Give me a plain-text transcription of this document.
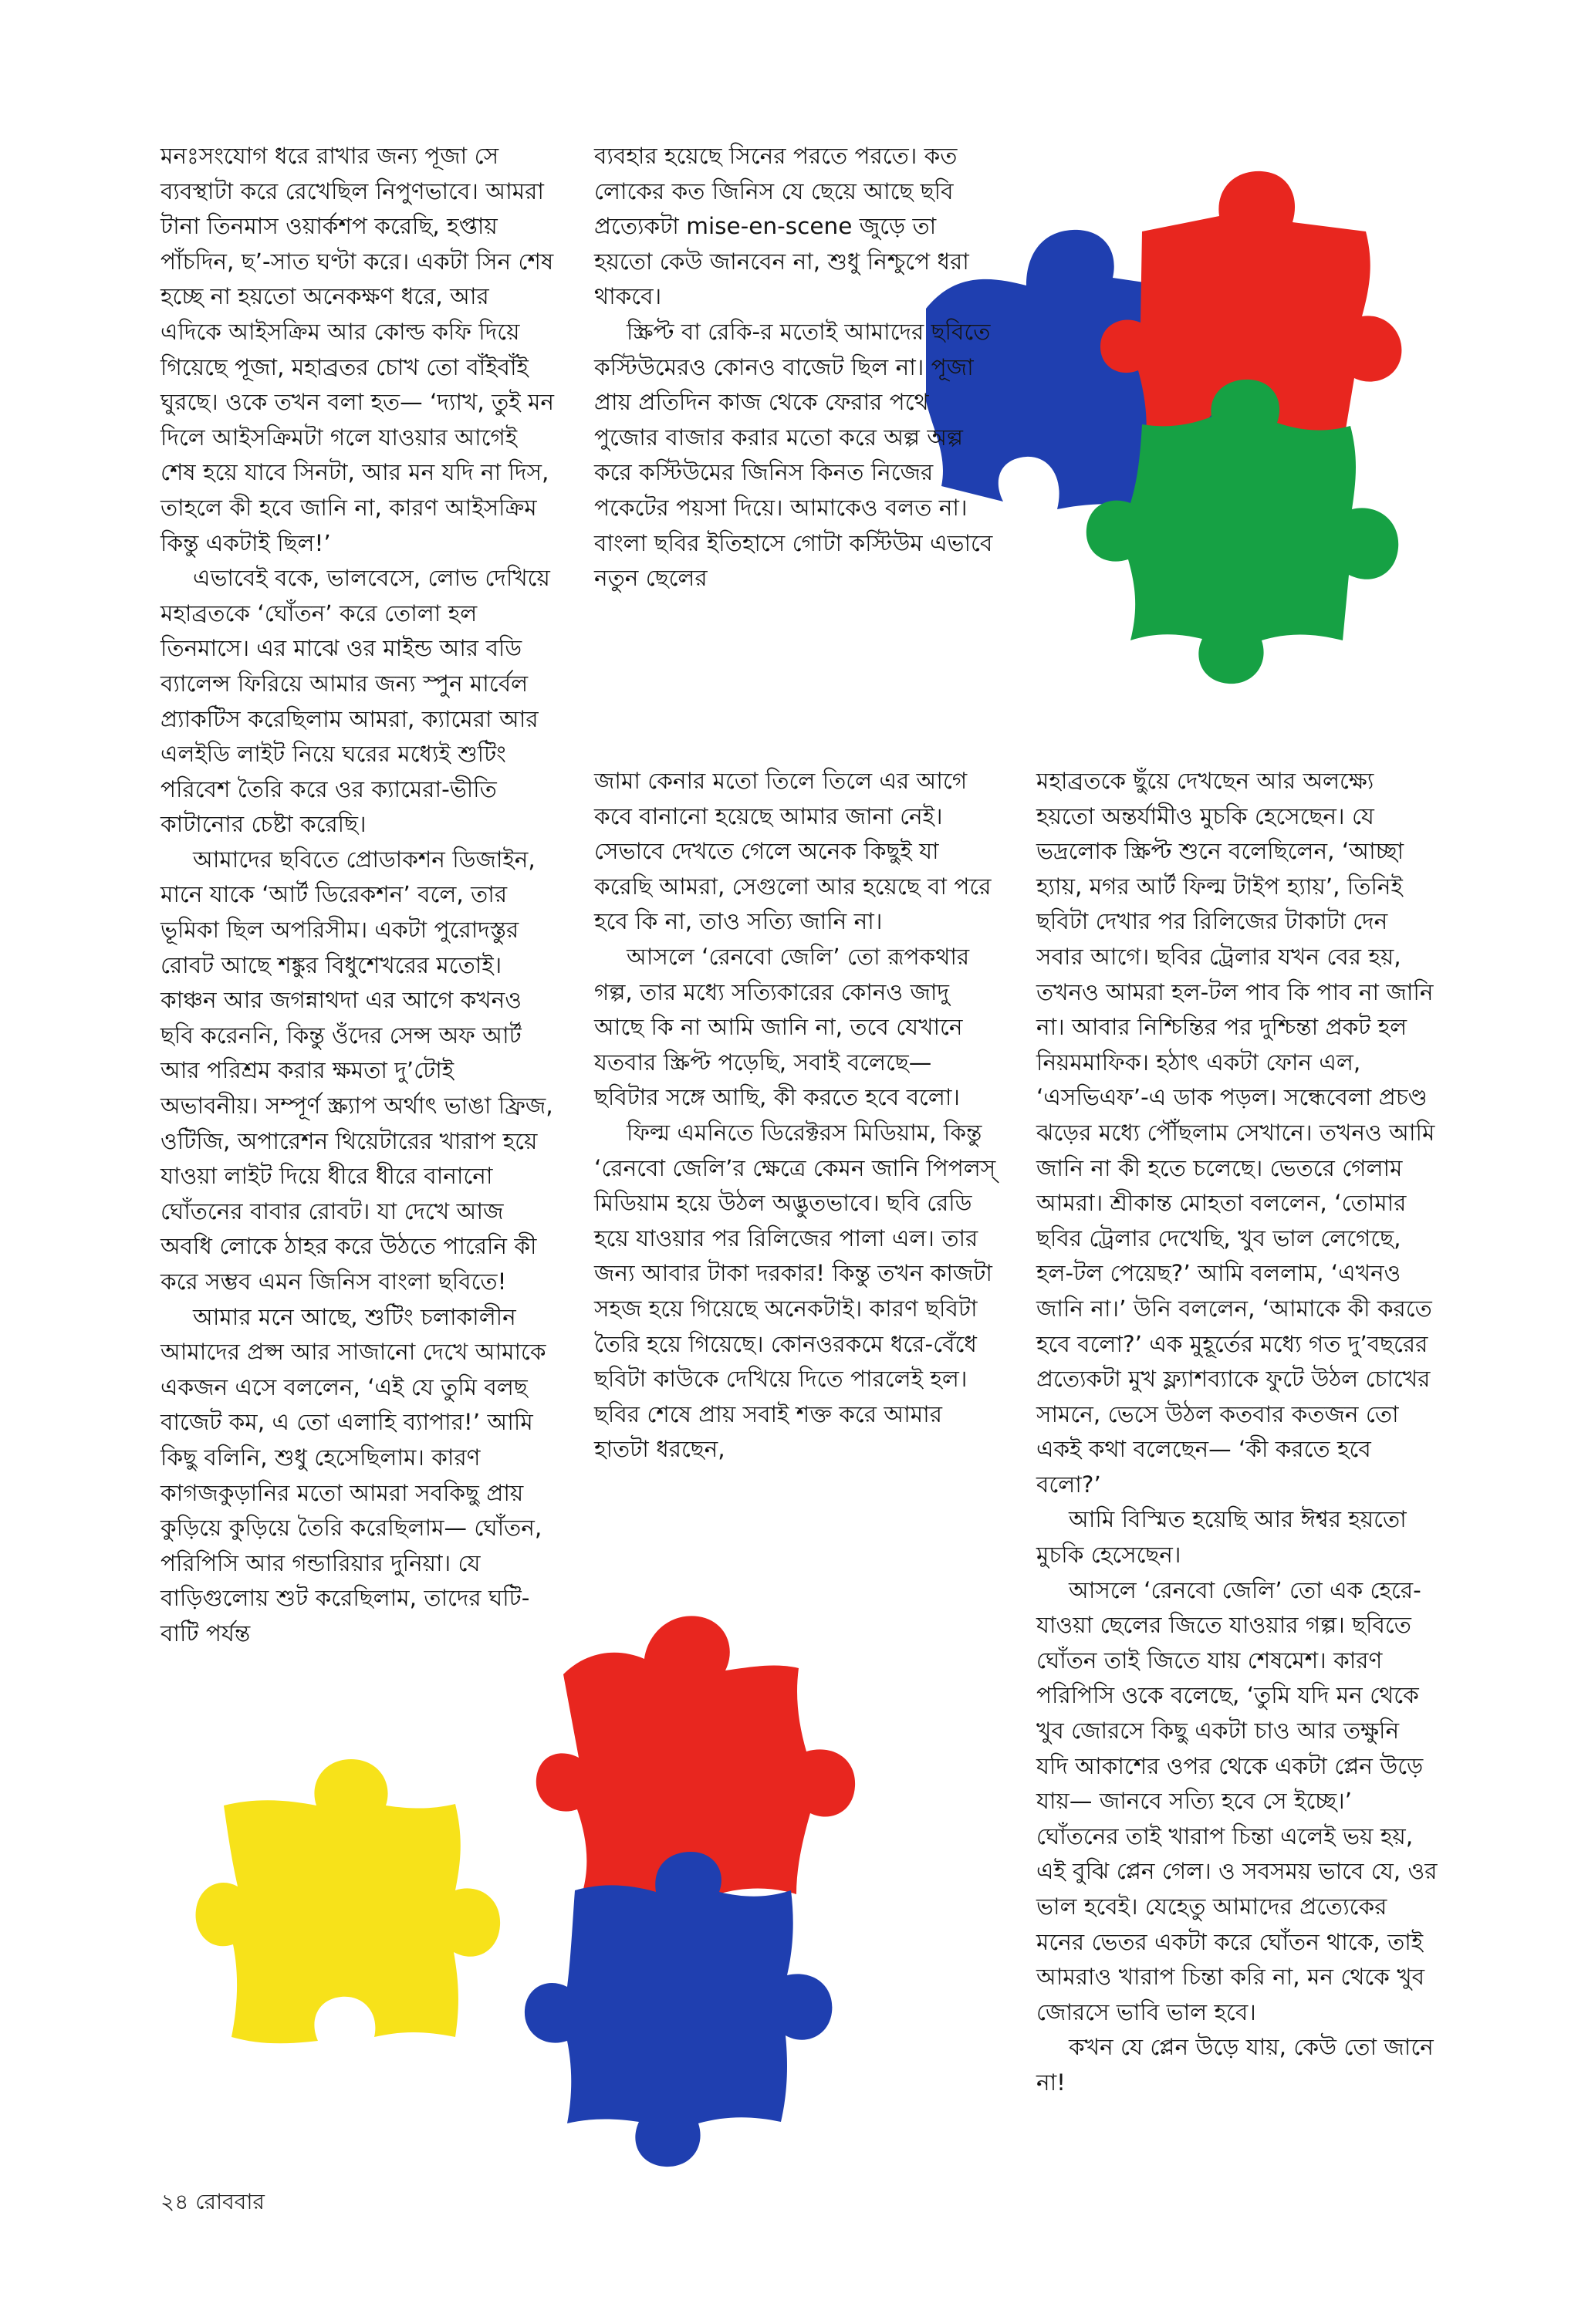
মনঃসংযোগ ধরে রাখার জন্য পূজা সে ব্যবস্থাটা করে রেখেছিল নিপুণভাবে। আমরা টানা তিনমাস ওয়ার্কশপ করেছি, হপ্তায় পাঁচদিন, ছ’-সাত ঘণ্টা করে। একটা সিন শেষ হচ্ছে না হয়তো অনেকক্ষণ ধরে, আর এদিকে আইসক্রিম আর কোল্ড কফি দিয়ে গিয়েছে পূজা, মহাব্রতর চোখ তো বাঁইবাঁই ঘুরছে। ওকে তখন বলা হত— ‘দ্যাখ, তুই মন দিলে আইসক্রিমটা গলে যাওয়ার আগেই শেষ হয়ে যাবে সিনটা, আর মন যদি না দিস, তাহলে কী হবে জানি না, কারণ আইসক্রিম কিন্তু একটাই ছিল!’

এভাবেই বকে, ভালবেসে, লোভ দেখিয়ে মহাব্রতকে ‘ঘোঁতন’ করে তোলা হল তিনমাসে। এর মাঝে ওর মাইন্ড আর বডি ব্যালেন্স ফিরিয়ে আমার জন্য স্পুন মার্বেল প্র্যাকটিস করেছিলাম আমরা, ক্যামেরা আর এলইডি লাইট নিয়ে ঘরের মধ্যেই শুটিং পরিবেশ তৈরি করে ওর ক্যামেরা-ভীতি কাটানোর চেষ্টা করেছি।

আমাদের ছবিতে প্রোডাকশন ডিজাইন, মানে যাকে ‘আর্ট ডিরেকশন’ বলে, তার ভূমিকা ছিল অপরিসীম। একটা পুরোদস্তুর রোবট আছে শঙ্কুর বিধুশেখরের মতোই। কাঞ্চন আর জগন্নাথদা এর আগে কখনও ছবি করেননি, কিন্তু ওঁদের সেন্স অফ আর্ট আর পরিশ্রম করার ক্ষমতা দু’টোই অভাবনীয়। সম্পূর্ণ স্ক্র্যাপ অর্থাৎ ভাঙা ফ্রিজ, ওটিজি, অপারেশন থিয়েটারের খারাপ হয়ে যাওয়া লাইট দিয়ে ধীরে ধীরে বানানো ঘোঁতনের বাবার রোবট। যা দেখে আজ অবধি লোকে ঠাহর করে উঠতে পারেনি কী করে সম্ভব এমন জিনিস বাংলা ছবিতে!

আমার মনে আছে, শুটিং চলাকালীন আমাদের প্রপ্স আর সাজানো দেখে আমাকে একজন এসে বললেন, ‘এই যে তুমি বলছ বাজেট কম, এ তো এলাহি ব্যাপার!’ আমি কিছু বলিনি, শুধু হেসেছিলাম। কারণ কাগজকুড়ানির মতো আমরা সবকিছু প্রায় কুড়িয়ে কুড়িয়ে তৈরি করেছিলাম— ঘোঁতন, পরিপিসি আর গন্ডারিয়ার দুনিয়া। যে বাড়িগুলোয় শুট করেছিলাম, তাদের ঘটি-বাটি পর্যন্ত

ব্যবহার হয়েছে সিনের পরতে পরতে। কত লোকের কত জিনিস যে ছেয়ে আছে ছবি প্রত্যেকটা mise-en-scene জুড়ে তা হয়তো কেউ জানবেন না, শুধু নিশ্চুপে ধরা থাকবে।

স্ক্রিপ্ট বা রেকি-র মতোই আমাদের ছবিতে কস্টিউমেরও কোনও বাজেট ছিল না। পূজা প্রায় প্রতিদিন কাজ থেকে ফেরার পথে পুজোর বাজার করার মতো করে অল্প অল্প করে কস্টিউমের জিনিস কিনত নিজের পকেটের পয়সা দিয়ে। আমাকেও বলত না। বাংলা ছবির ইতিহাসে গোটা কস্টিউম এভাবে নতুন ছেলের

জামা কেনার মতো তিলে তিলে এর আগে কবে বানানো হয়েছে আমার জানা নেই। সেভাবে দেখতে গেলে অনেক কিছুই যা করেছি আমরা, সেগুলো আর হয়েছে বা পরে হবে কি না, তাও সত্যি জানি না।

আসলে ‘রেনবো জেলি’ তো রূপকথার গল্প, তার মধ্যে সত্যিকারের কোনও জাদু আছে কি না আমি জানি না, তবে যেখানে যতবার স্ক্রিপ্ট পড়েছি, সবাই বলেছে— ছবিটার সঙ্গে আছি, কী করতে হবে বলো।

ফিল্ম এমনিতে ডিরেক্টরস মিডিয়াম, কিন্তু ‘রেনবো জেলি’র ক্ষেত্রে কেমন জানি পিপলস্ মিডিয়াম হয়ে উঠল অদ্ভুতভাবে। ছবি রেডি হয়ে যাওয়ার পর রিলিজের পালা এল। তার জন্য আবার টাকা দরকার! কিন্তু তখন কাজটা সহজ হয়ে গিয়েছে অনেকটাই। কারণ ছবিটা তৈরি হয়ে গিয়েছে। কোনওরকমে ধরে-বেঁধে ছবিটা কাউকে দেখিয়ে দিতে পারলেই হল। ছবির শেষে প্রায় সবাই শক্ত করে আমার হাতটা ধরছেন,

মহাব্রতকে ছুঁয়ে দেখছেন আর অলক্ষ্যে হয়তো অন্তর্যামীও মুচকি হেসেছেন। যে ভদ্রলোক স্ক্রিপ্ট শুনে বলেছিলেন, ‘আচ্ছা হ্যায়, মগর আর্ট ফিল্ম টাইপ হ্যায়’, তিনিই ছবিটা দেখার পর রিলিজের টাকাটা দেন সবার আগে। ছবির ট্রেলার যখন বের হয়, তখনও আমরা হল-টল পাব কি পাব না জানি না। আবার নিশ্চিন্তির পর দুশ্চিন্তা প্রকট হল নিয়মমাফিক। হঠাৎ একটা ফোন এল, ‘এসভিএফ’-এ ডাক পড়ল। সন্ধেবেলা প্রচণ্ড ঝড়ের মধ্যে পৌঁছলাম সেখানে। তখনও আমি জানি না কী হতে চলেছে। ভেতরে গেলাম আমরা। শ্রীকান্ত মোহতা বললেন, ‘তোমার ছবির ট্রেলার দেখেছি, খুব ভাল লেগেছে, হল-টল পেয়েছ?’ আমি বললাম, ‘এখনও জানি না।’ উনি বললেন, ‘আমাকে কী করতে হবে বলো?’ এক মুহূর্তের মধ্যে গত দু’বছরের প্রত্যেকটা মুখ ফ্ল্যাশব্যাকে ফুটে উঠল চোখের সামনে, ভেসে উঠল কতবার কতজন তো একই কথা বলেছেন— ‘কী করতে হবে বলো?’

আমি বিস্মিত হয়েছি আর ঈশ্বর হয়তো মুচকি হেসেছেন।

আসলে ‘রেনবো জেলি’ তো এক হেরে-যাওয়া ছেলের জিতে যাওয়ার গল্প। ছবিতে ঘোঁতন তাই জিতে যায় শেষমেশ। কারণ পরিপিসি ওকে বলেছে, ‘তুমি যদি মন থেকে খুব জোরসে কিছু একটা চাও আর তক্ষুনি যদি আকাশের ওপর থেকে একটা প্লেন উড়ে যায়— জানবে সত্যি হবে সে ইচ্ছে।’ ঘোঁতনের তাই খারাপ চিন্তা এলেই ভয় হয়, এই বুঝি প্লেন গেল। ও সবসময় ভাবে যে, ওর ভাল হবেই। যেহেতু আমাদের প্রত্যেকের মনের ভেতর একটা করে ঘোঁতন থাকে, তাই আমরাও খারাপ চিন্তা করি না, মন থেকে খুব জোরসে ভাবি ভাল হবে।

কখন যে প্লেন উড়ে যায়, কেউ তো জানে না!

২৪ রোববার
